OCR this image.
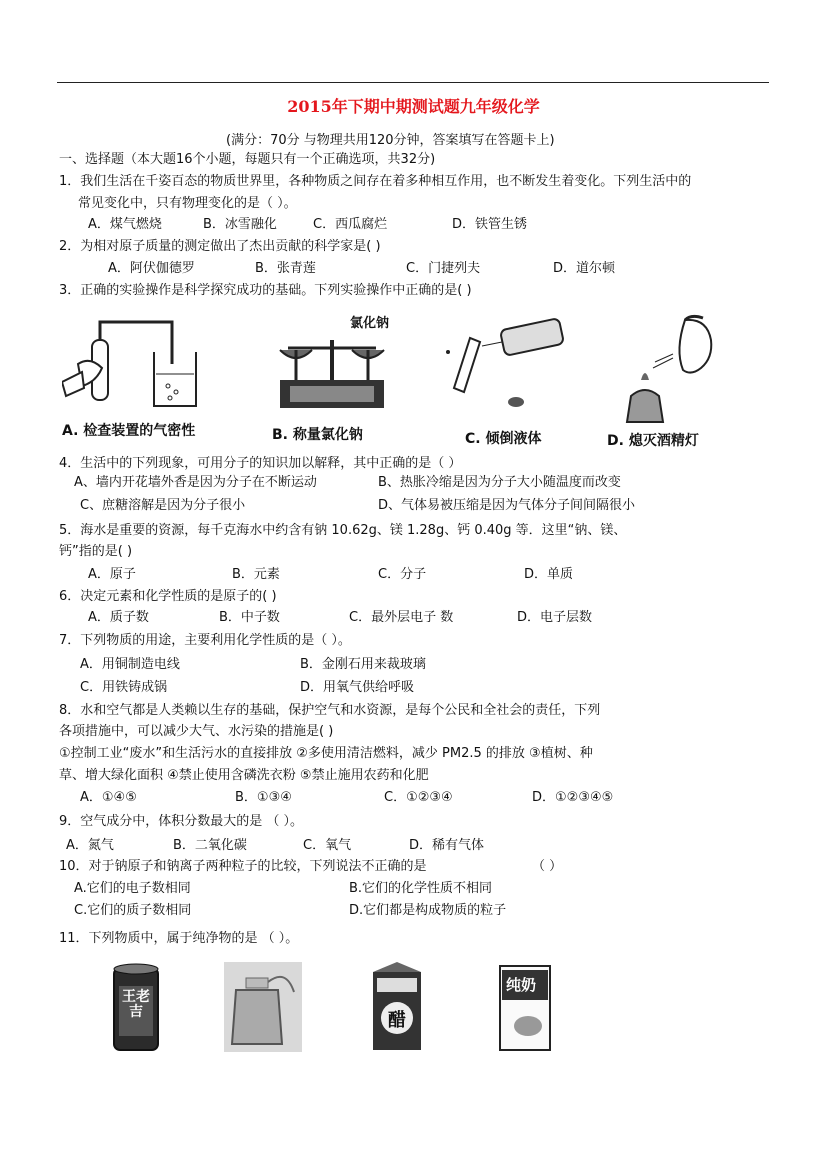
2015年下期中期测试题九年级化学
(满分：70分 与物理共用120分钟，答案填写在答题卡上)
一、选择题（本大题16个小题，每题只有一个正确选项，共32分)
1．我们生活在千姿百态的物质世界里，各种物质之间存在着多种相互作用，也不断发生着变化。下列生活中的
常见变化中，只有物理变化的是（ ）。
A．煤气燃烧	B．冰雪融化	C．西瓜腐烂	D．铁管生锈
2．为相对原子质量的测定做出了杰出贡献的科学家是( )
A．阿伏伽德罗	B．张青莲	C．门捷列夫	D．道尔顿
3．正确的实验操作是科学探究成功的基础。下列实验操作中正确的是( )
A. 检查装置的气密性
氯化钠
B. 称量氯化钠	C. 倾倒液体	D. 熄灭酒精灯
4．生活中的下列现象，可用分子的知识加以解释，其中正确的是（ ）
A、墙内开花墙外香是因为分子在不断运动	B、热胀冷缩是因为分子大小随温度而改变
C、庶糖溶解是因为分子很小	D、气体易被压缩是因为气体分子间间隔很小
5．海水是重要的资源，每千克海水中约含有钠 10.62g、镁 1.28g、钙 0.40g 等．这里“钠、镁、
钙”指的是( )
A．原子	B．元素	C．分子	D．单质
6．决定元素和化学性质的是原子的( )
A．质子数	B．中子数	C．最外层电子 数	D．电子层数
7．下列物质的用途，主要利用化学性质的是（ ）。
A．用铜制造电线	B．金刚石用来裁玻璃
C．用铁铸成锅	D．用氧气供给呼吸
8．水和空气都是人类赖以生存的基础，保护空气和水资源，是每个公民和全社会的责任，下列
各项措施中，可以减少大气、水污染的措施是( )
①控制工业“废水”和生活污水的直接排放 ②多使用清洁燃料，减少 PM2.5 的排放 ③植树、种
草、增大绿化面积 ④禁止使用含磷洗衣粉 ⑤禁止施用农药和化肥
A．①④⑤	B．①③④	C．①②③④	D．①②③④⑤
9．空气成分中，体积分数最大的是 （ ）。
A．氮气	B．二氧化碳	C．氧气	D．稀有气体
10．对于钠原子和钠离子两种粒子的比较，下列说法不正确的是	（ ）
A.它们的电子数相同	B.它们的化学性质不相同
C.它们的质子数相同	D.它们都是构成物质的粒子
11．下列物质中，属于纯净物的是 （ ）。
王老吉	醋
纯奶
